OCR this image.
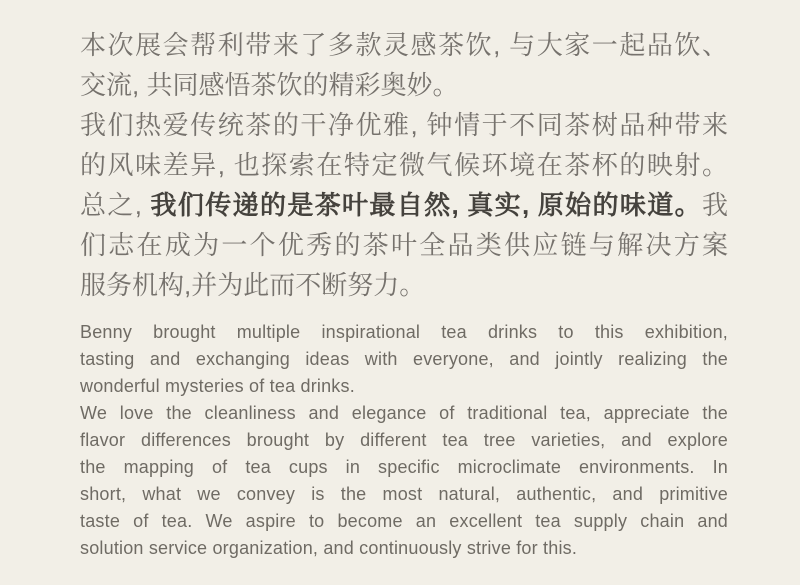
本次展会帮利带来了多款灵感茶饮, 与大家一起品饮、
交流, 共同感悟茶饮的精彩奥妙。
我们热爱传统茶的干净优雅, 钟情于不同茶树品种带来
的风味差异, 也探索在特定微气候环境在茶杯的映射。
总之, 我们传递的是茶叶最自然, 真实, 原始的味道。我
们志在成为一个优秀的茶叶全品类供应链与解决方案
服务机构,并为此而不断努力。
Benny brought multiple inspirational tea drinks to this exhibition,
tasting and exchanging ideas with everyone, and jointly realizing the
wonderful mysteries of tea drinks.
We love the cleanliness and elegance of traditional tea, appreciate the
flavor differences brought by different tea tree varieties, and explore
the mapping of tea cups in specific microclimate environments. In
short, what we convey is the most natural, authentic, and primitive
taste of tea. We aspire to become an excellent tea supply chain and
solution service organization, and continuously strive for this.
